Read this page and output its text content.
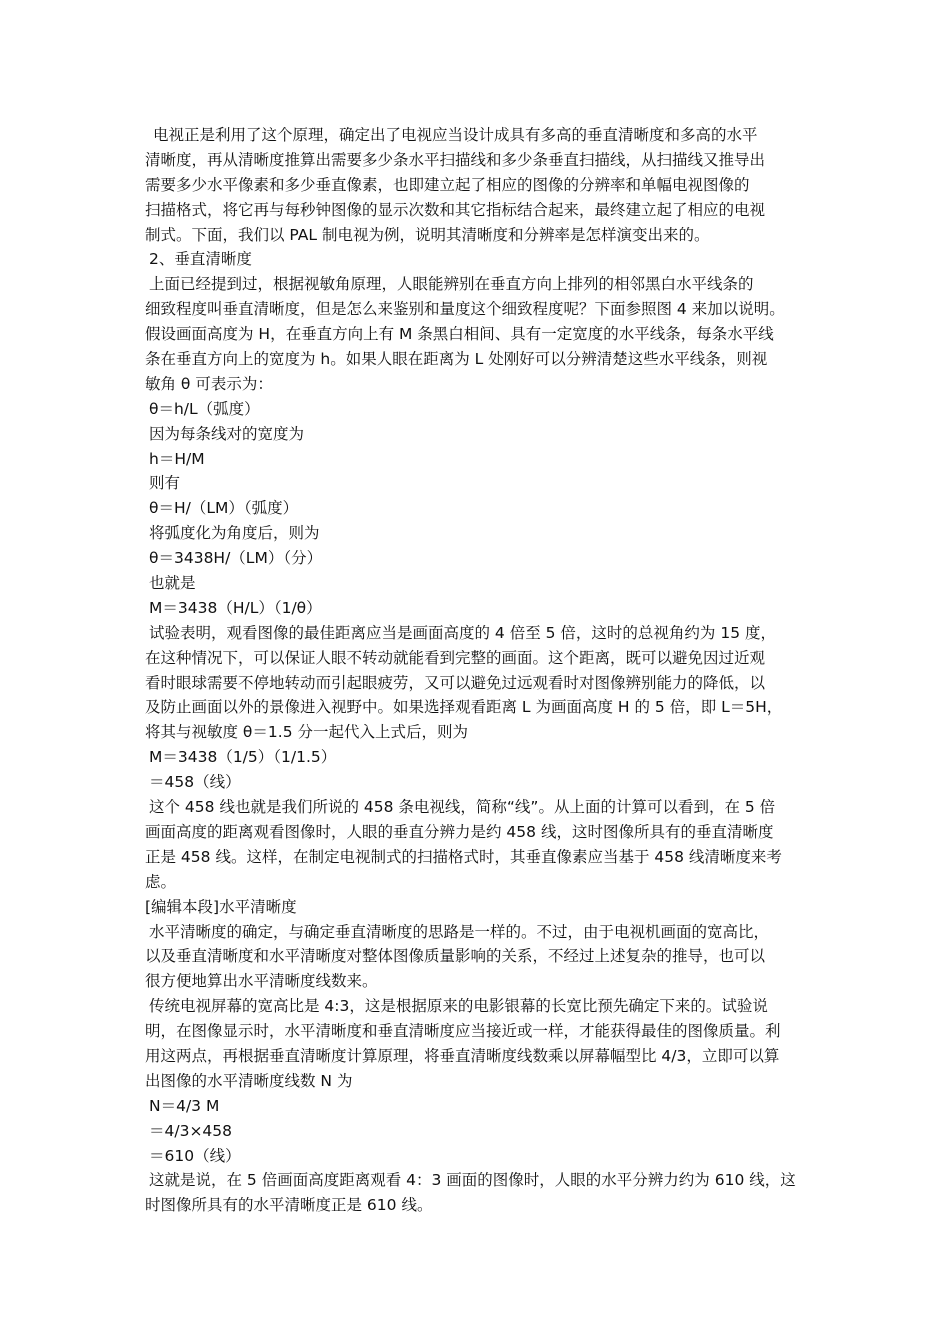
电视正是利用了这个原理，确定出了电视应当设计成具有多高的垂直清晰度和多高的水平
清晰度，再从清晰度推算出需要多少条水平扫描线和多少条垂直扫描线，从扫描线又推导出
需要多少水平像素和多少垂直像素，也即建立起了相应的图像的分辨率和单幅电视图像的
扫描格式，将它再与每秒钟图像的显示次数和其它指标结合起来，最终建立起了相应的电视
制式。下面，我们以 PAL 制电视为例，说明其清晰度和分辨率是怎样演变出来的。
2、垂直清晰度
上面已经提到过，根据视敏角原理，人眼能辨别在垂直方向上排列的相邻黑白水平线条的
细致程度叫垂直清晰度，但是怎么来鉴别和量度这个细致程度呢？下面参照图 4 来加以说明。
假设画面高度为 H，在垂直方向上有 M 条黑白相间、具有一定宽度的水平线条，每条水平线
条在垂直方向上的宽度为 h。如果人眼在距离为 L 处刚好可以分辨清楚这些水平线条，则视
敏角 θ 可表示为：
θ＝h/L（弧度）
因为每条线对的宽度为
h＝H/M
则有
θ＝H/（LM）（弧度）
将弧度化为角度后，则为
θ＝3438H/（LM）（分）
也就是
M＝3438（H/L）（1/θ）
试验表明，观看图像的最佳距离应当是画面高度的 4 倍至 5 倍，这时的总视角约为 15 度，
在这种情况下，可以保证人眼不转动就能看到完整的画面。这个距离，既可以避免因过近观
看时眼球需要不停地转动而引起眼疲劳，又可以避免过远观看时对图像辨别能力的降低，以
及防止画面以外的景像进入视野中。如果选择观看距离 L 为画面高度 H 的 5 倍，即 L＝5H，
将其与视敏度 θ＝1.5 分一起代入上式后，则为
M＝3438（1/5）（1/1.5）
＝458（线）
这个 458 线也就是我们所说的 458 条电视线，简称“线”。从上面的计算可以看到，在 5 倍
画面高度的距离观看图像时，人眼的垂直分辨力是约 458 线，这时图像所具有的垂直清晰度
正是 458 线。这样，在制定电视制式的扫描格式时，其垂直像素应当基于 458 线清晰度来考
虑。
[编辑本段]水平清晰度
水平清晰度的确定，与确定垂直清晰度的思路是一样的。不过，由于电视机画面的宽高比，
以及垂直清晰度和水平清晰度对整体图像质量影响的关系，不经过上述复杂的推导，也可以
很方便地算出水平清晰度线数来。
传统电视屏幕的宽高比是 4:3，这是根据原来的电影银幕的长宽比预先确定下来的。试验说
明，在图像显示时，水平清晰度和垂直清晰度应当接近或一样，才能获得最佳的图像质量。利
用这两点，再根据垂直清晰度计算原理，将垂直清晰度线数乘以屏幕幅型比 4/3，立即可以算
出图像的水平清晰度线数 N 为
N＝4/3 M
＝4/3×458
＝610（线）
这就是说，在 5 倍画面高度距离观看 4：3 画面的图像时，人眼的水平分辨力约为 610 线，这
时图像所具有的水平清晰度正是 610 线。
